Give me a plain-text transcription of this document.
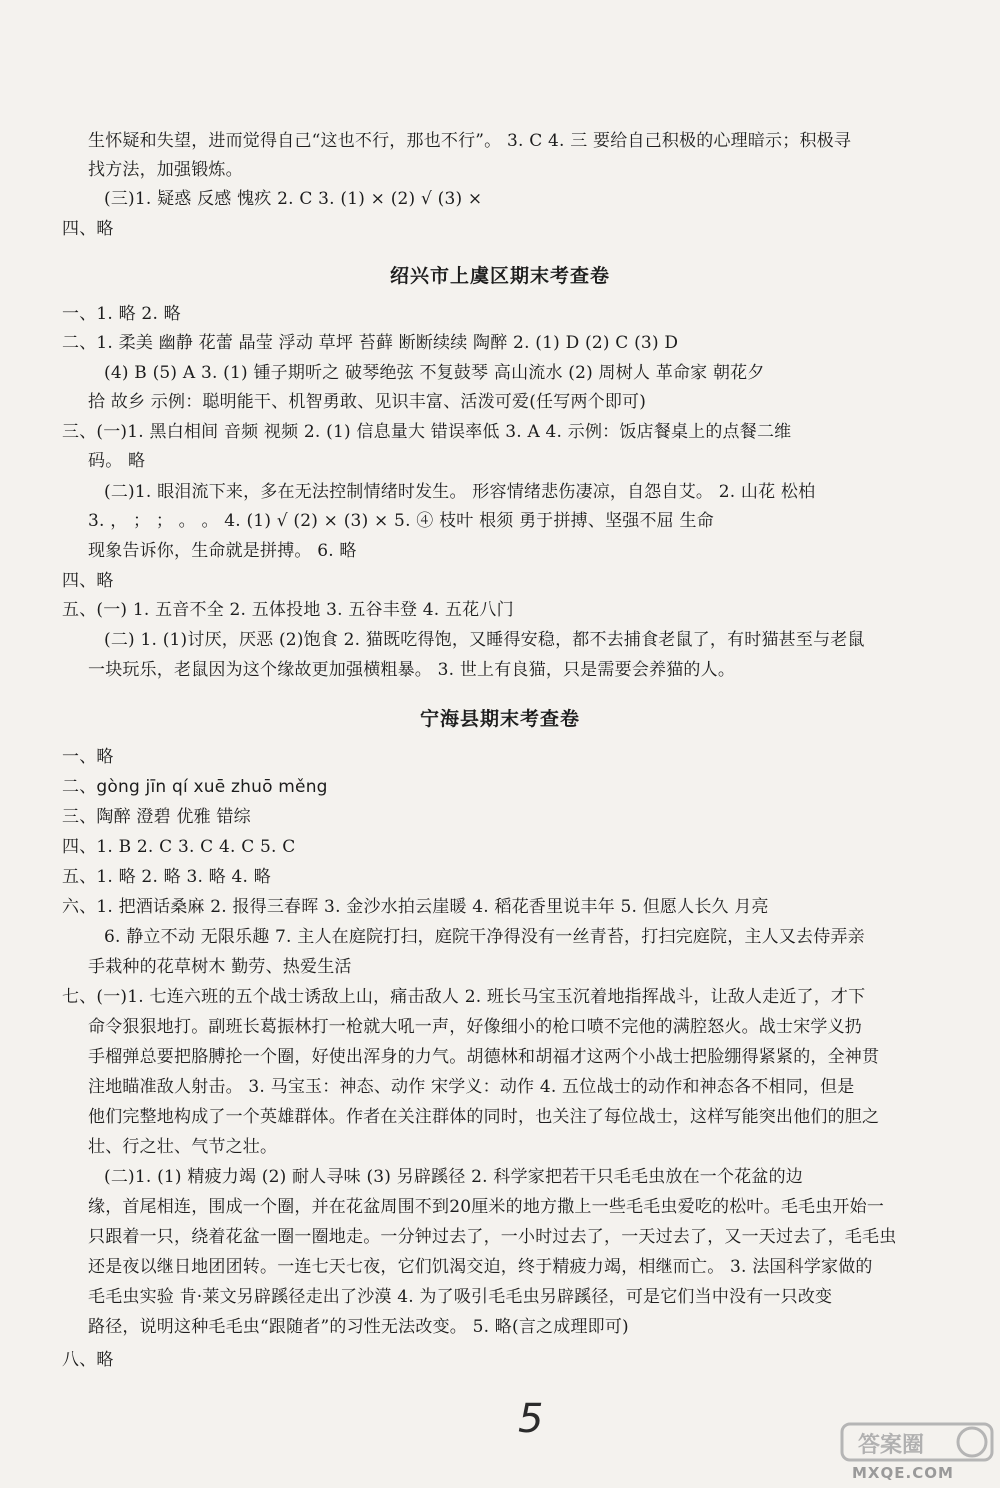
生怀疑和失望，进而觉得自己“这也不行，那也不行”。 3. C 4. 三 要给自己积极的心理暗示；积极寻
找方法，加强锻炼。
(三)1. 疑惑 反感 愧疚 2. C 3. (1) × (2) √ (3) ×
四、略
绍兴市上虞区期末考查卷
一、1. 略 2. 略
二、1. 柔美 幽静 花蕾 晶莹 浮动 草坪 苔藓 断断续续 陶醉 2. (1) D (2) C (3) D
(4) B (5) A 3. (1) 锺子期听之 破琴绝弦 不复鼓琴 高山流水 (2) 周树人 革命家 朝花夕
拾 故乡 示例：聪明能干、机智勇敢、见识丰富、活泼可爱(任写两个即可)
三、(一)1. 黑白相间 音频 视频 2. (1) 信息量大 错误率低 3. A 4. 示例：饭店餐桌上的点餐二维
码。 略
(二)1. 眼泪流下来，多在无法控制情绪时发生。 形容情绪悲伤凄凉，自怨自艾。 2. 山花 松柏
3. ， ； ； 。 。 4. (1) √ (2) × (3) × 5. ④ 枝叶 根须 勇于拼搏、坚强不屈 生命
现象告诉你，生命就是拼搏。 6. 略
四、略
五、(一) 1. 五音不全 2. 五体投地 3. 五谷丰登 4. 五花八门
(二) 1. (1)讨厌，厌恶 (2)饱食 2. 猫既吃得饱，又睡得安稳，都不去捕食老鼠了，有时猫甚至与老鼠
一块玩乐，老鼠因为这个缘故更加强横粗暴。 3. 世上有良猫，只是需要会养猫的人。
宁海县期末考查卷
一、略
二、gòng jīn qí xuē zhuō měng
三、陶醉 澄碧 优雅 错综
四、1. B 2. C 3. C 4. C 5. C
五、1. 略 2. 略 3. 略 4. 略
六、1. 把酒话桑麻 2. 报得三春晖 3. 金沙水拍云崖暖 4. 稻花香里说丰年 5. 但愿人长久 月亮
6. 静立不动 无限乐趣 7. 主人在庭院打扫，庭院干净得没有一丝青苔，打扫完庭院，主人又去侍弄亲
手栽种的花草树木 勤劳、热爱生活
七、(一)1. 七连六班的五个战士诱敌上山，痛击敌人 2. 班长马宝玉沉着地指挥战斗，让敌人走近了，才下
命令狠狠地打。副班长葛振林打一枪就大吼一声，好像细小的枪口喷不完他的满腔怒火。战士宋学义扔
手榴弹总要把胳膊抡一个圈，好使出浑身的力气。胡德林和胡福才这两个小战士把脸绷得紧紧的，全神贯
注地瞄准敌人射击。 3. 马宝玉：神态、动作 宋学义：动作 4. 五位战士的动作和神态各不相同，但是
他们完整地构成了一个英雄群体。作者在关注群体的同时，也关注了每位战士，这样写能突出他们的胆之
壮、行之壮、气节之壮。
(二)1. (1) 精疲力竭 (2) 耐人寻味 (3) 另辟蹊径 2. 科学家把若干只毛毛虫放在一个花盆的边
缘，首尾相连，围成一个圈，并在花盆周围不到20厘米的地方撒上一些毛毛虫爱吃的松叶。毛毛虫开始一
只跟着一只，绕着花盆一圈一圈地走。一分钟过去了，一小时过去了，一天过去了，又一天过去了，毛毛虫
还是夜以继日地团团转。一连七天七夜，它们饥渴交迫，终于精疲力竭，相继而亡。 3. 法国科学家做的
毛毛虫实验 肯·莱文另辟蹊径走出了沙漠 4. 为了吸引毛毛虫另辟蹊径，可是它们当中没有一只改变
路径，说明这种毛毛虫“跟随者”的习性无法改变。 5. 略(言之成理即可)
八、略
5
答案圈
MXQE.COM
